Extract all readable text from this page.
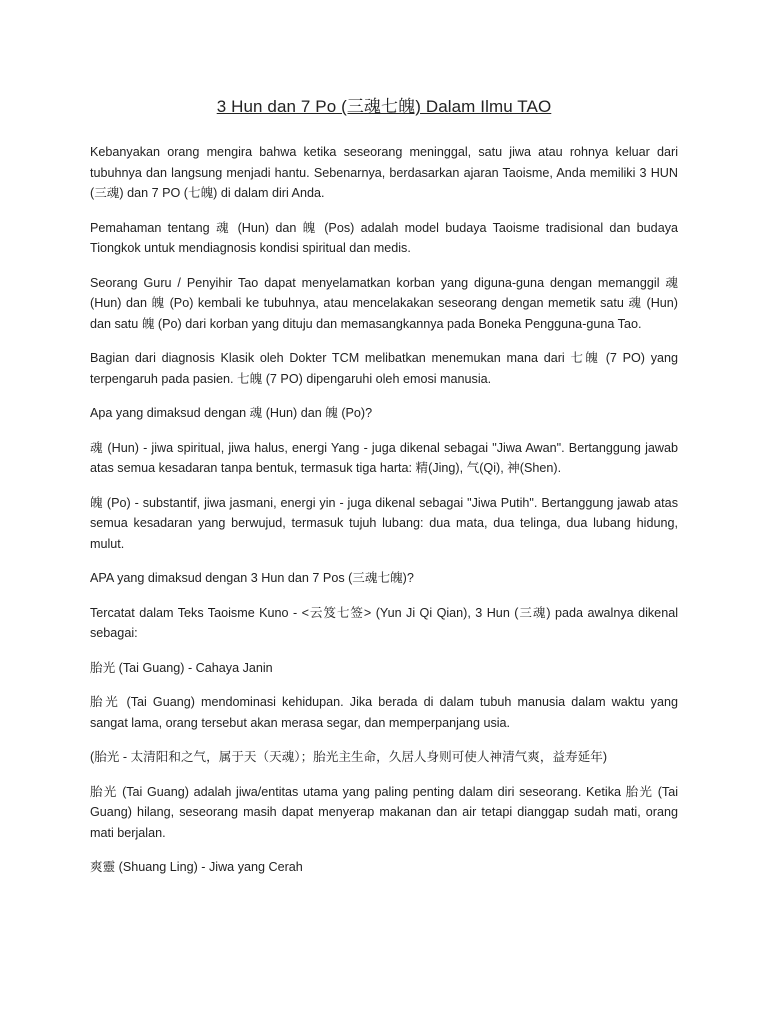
3 Hun dan 7 Po (三魂七魄) Dalam Ilmu TAO

Kebanyakan orang mengira bahwa ketika seseorang meninggal, satu jiwa atau rohnya keluar dari tubuhnya dan langsung menjadi hantu. Sebenarnya, berdasarkan ajaran Taoisme, Anda memiliki 3 HUN (三魂) dan 7 PO (七魄) di dalam diri Anda.

Pemahaman tentang 魂 (Hun) dan 魄 (Pos) adalah model budaya Taoisme tradisional dan budaya Tiongkok untuk mendiagnosis kondisi spiritual dan medis.

Seorang Guru / Penyihir Tao dapat menyelamatkan korban yang diguna-guna dengan memanggil 魂 (Hun) dan 魄 (Po) kembali ke tubuhnya, atau mencelakakan seseorang dengan memetik satu 魂 (Hun) dan satu 魄 (Po) dari korban yang dituju dan memasangkannya pada Boneka Pengguna-guna Tao.

Bagian dari diagnosis Klasik oleh Dokter TCM melibatkan menemukan mana dari 七魄 (7 PO) yang terpengaruh pada pasien. 七魄 (7 PO) dipengaruhi oleh emosi manusia.

Apa yang dimaksud dengan 魂 (Hun) dan 魄 (Po)?

魂 (Hun) - jiwa spiritual, jiwa halus, energi Yang - juga dikenal sebagai "Jiwa Awan". Bertanggung jawab atas semua kesadaran tanpa bentuk, termasuk tiga harta: 精(Jing), 气(Qi), 神(Shen).

魄 (Po) - substantif, jiwa jasmani, energi yin - juga dikenal sebagai "Jiwa Putih". Bertanggung jawab atas semua kesadaran yang berwujud, termasuk tujuh lubang: dua mata, dua telinga, dua lubang hidung, mulut.

APA yang dimaksud dengan 3 Hun dan 7 Pos (三魂七魄)?

Tercatat dalam Teks Taoisme Kuno - <云笈七签> (Yun Ji Qi Qian), 3 Hun (三魂) pada awalnya dikenal sebagai:

胎光 (Tai Guang) - Cahaya Janin

胎光 (Tai Guang) mendominasi kehidupan. Jika berada di dalam tubuh manusia dalam waktu yang sangat lama, orang tersebut akan merasa segar, dan memperpanjang usia.

(胎光 - 太清阳和之气，属于天（天魂）；胎光主生命，久居人身则可使人神清气爽，益寿延年)

胎光 (Tai Guang) adalah jiwa/entitas utama yang paling penting dalam diri seseorang. Ketika 胎光 (Tai Guang) hilang, seseorang masih dapat menyerap makanan dan air tetapi dianggap sudah mati, orang mati berjalan.

爽靈 (Shuang Ling) - Jiwa yang Cerah
